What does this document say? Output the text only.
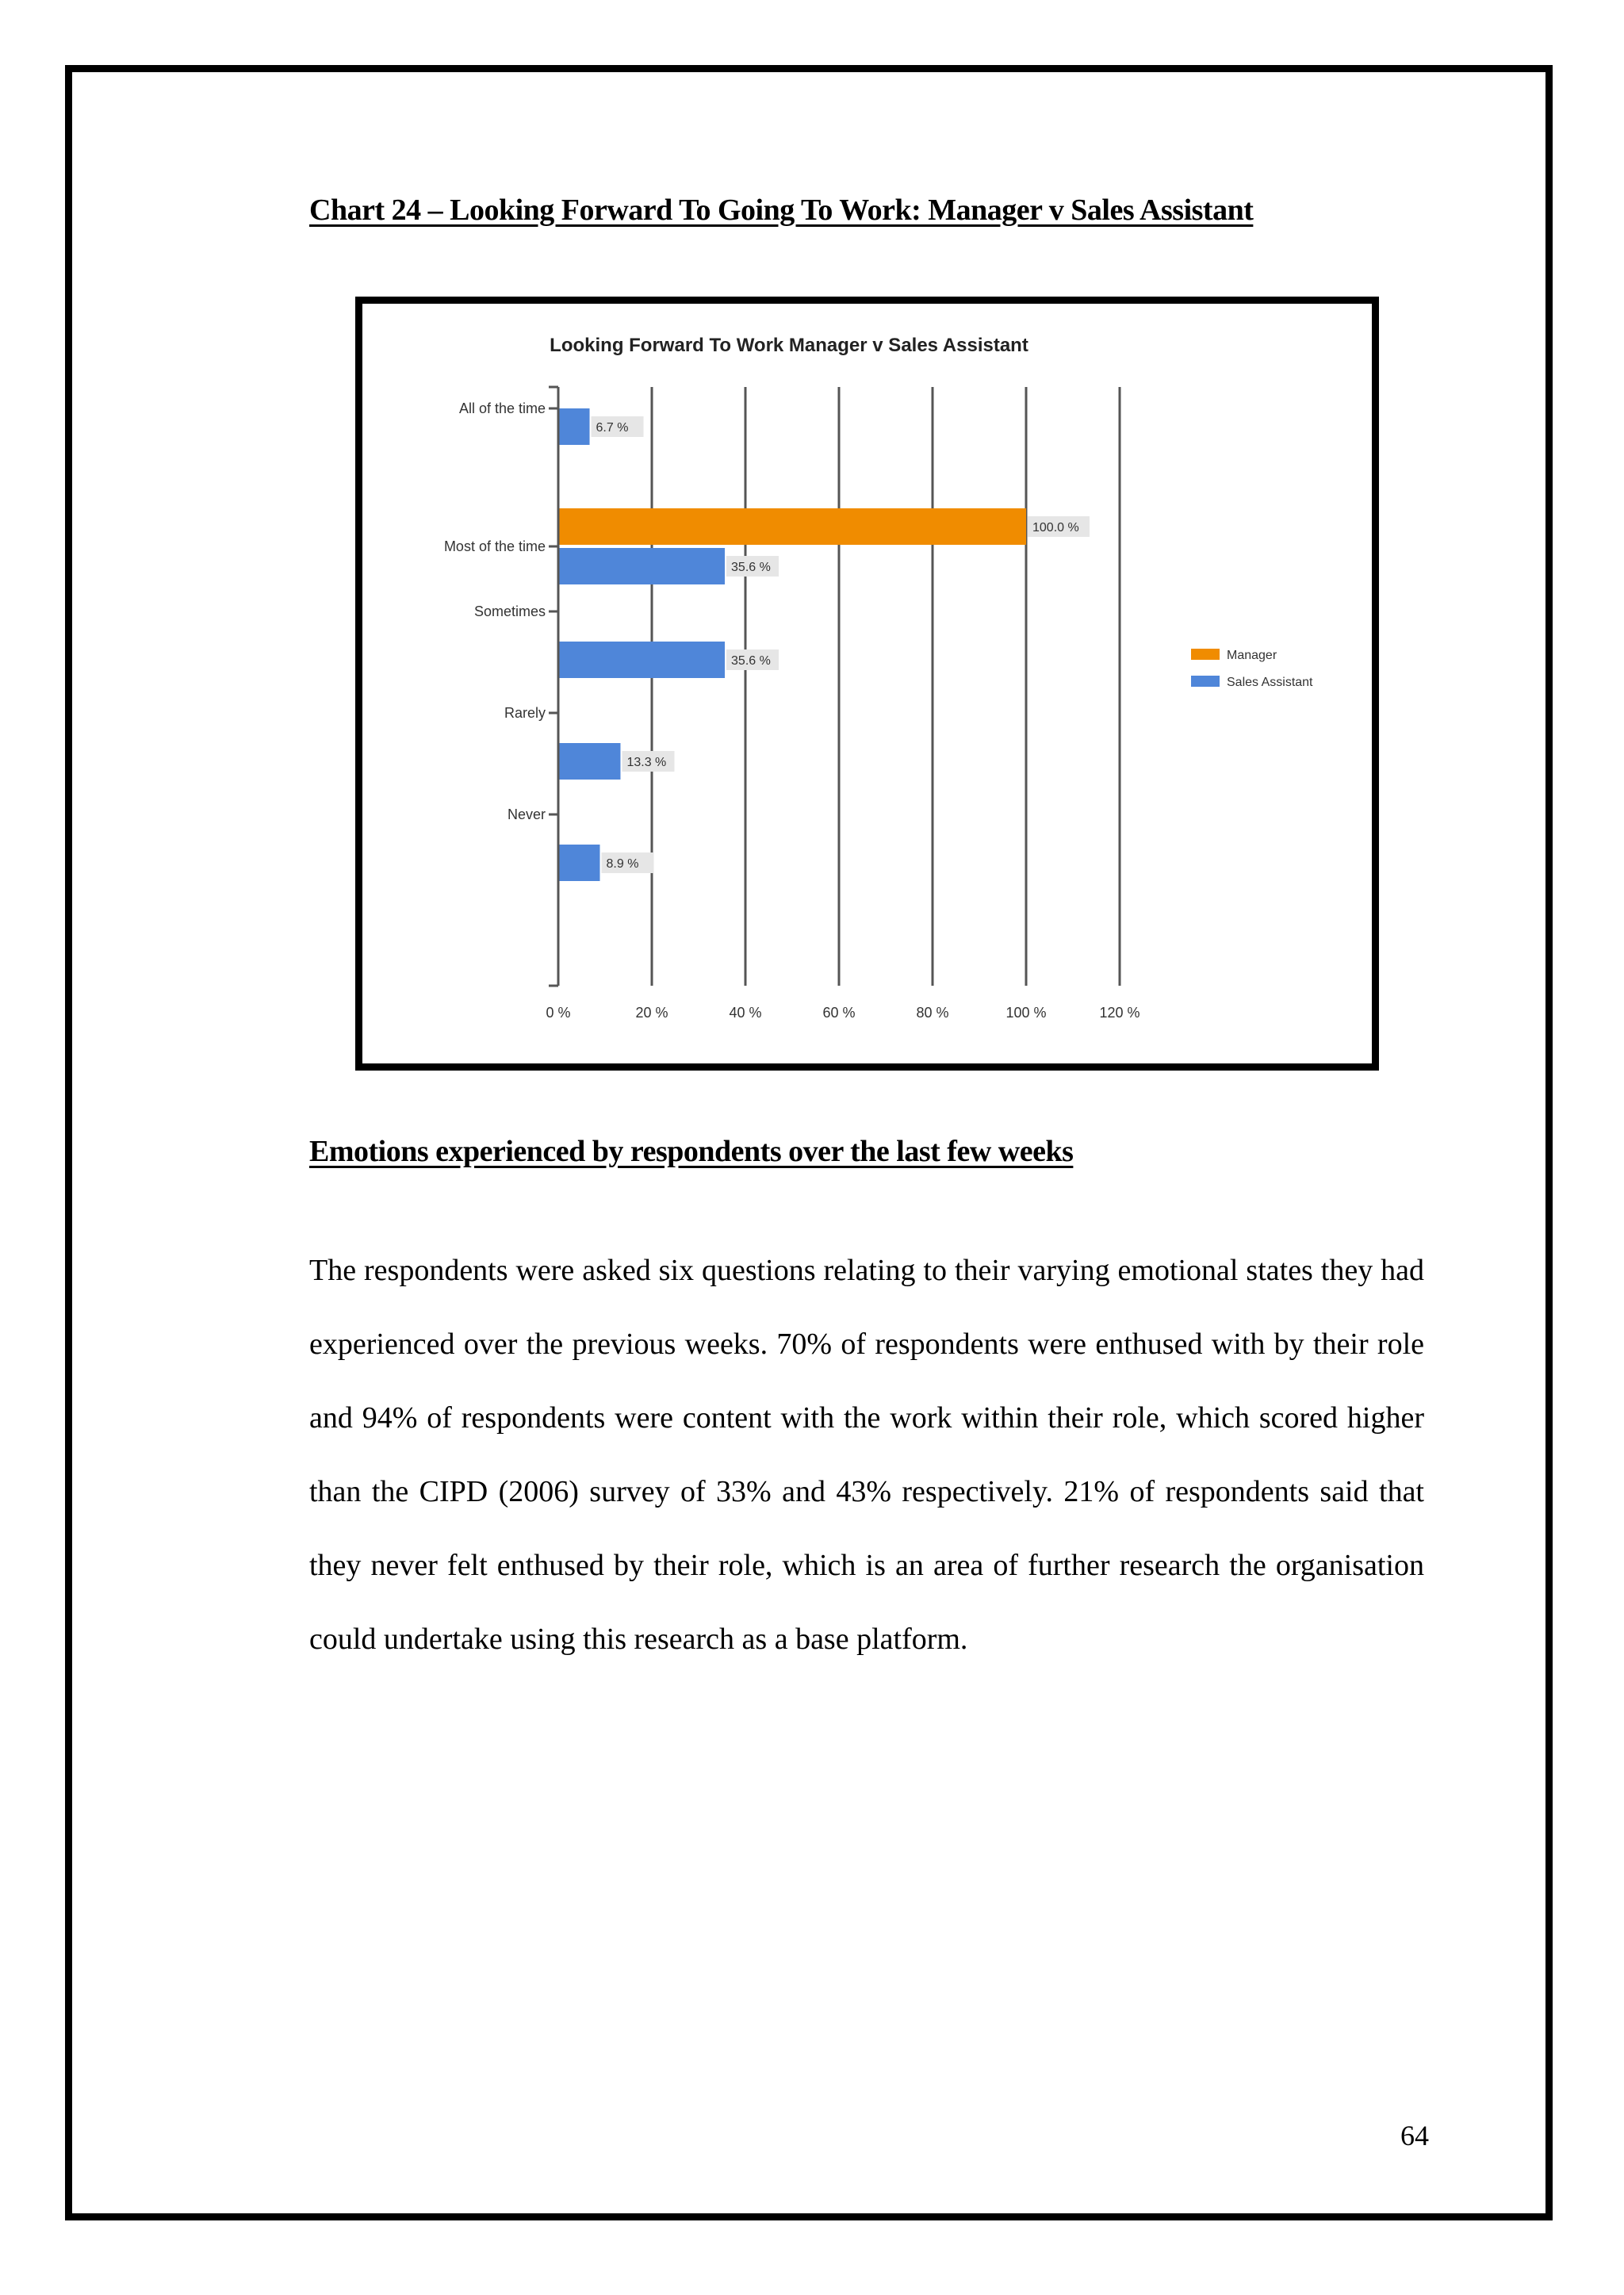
Chart 24 – Looking Forward To Going To Work: Manager v Sales Assistant
Looking Forward To Work Manager v Sales Assistant
6.7 %
100.0 %
35.6 %
35.6 %
13.3 %
8.9 %
0 %	20 %	40 %	60 %	80 %	100 %	120 %
All of the time
Most of the time
Sometimes
Rarely
Never
Manager
Sales Assistant
Emotions experienced by respondents over the last few weeks

The respondents were asked six questions relating to their varying emotional states they had experienced over the previous weeks. 70% of respondents were enthused with by their role and 94% of respondents were content with the work within their role, which scored higher than the CIPD (2006) survey of 33% and 43% respectively. 21% of respondents said that they never felt enthused by their role, which is an area of further research the organisation could undertake using this research as a base platform.

64
